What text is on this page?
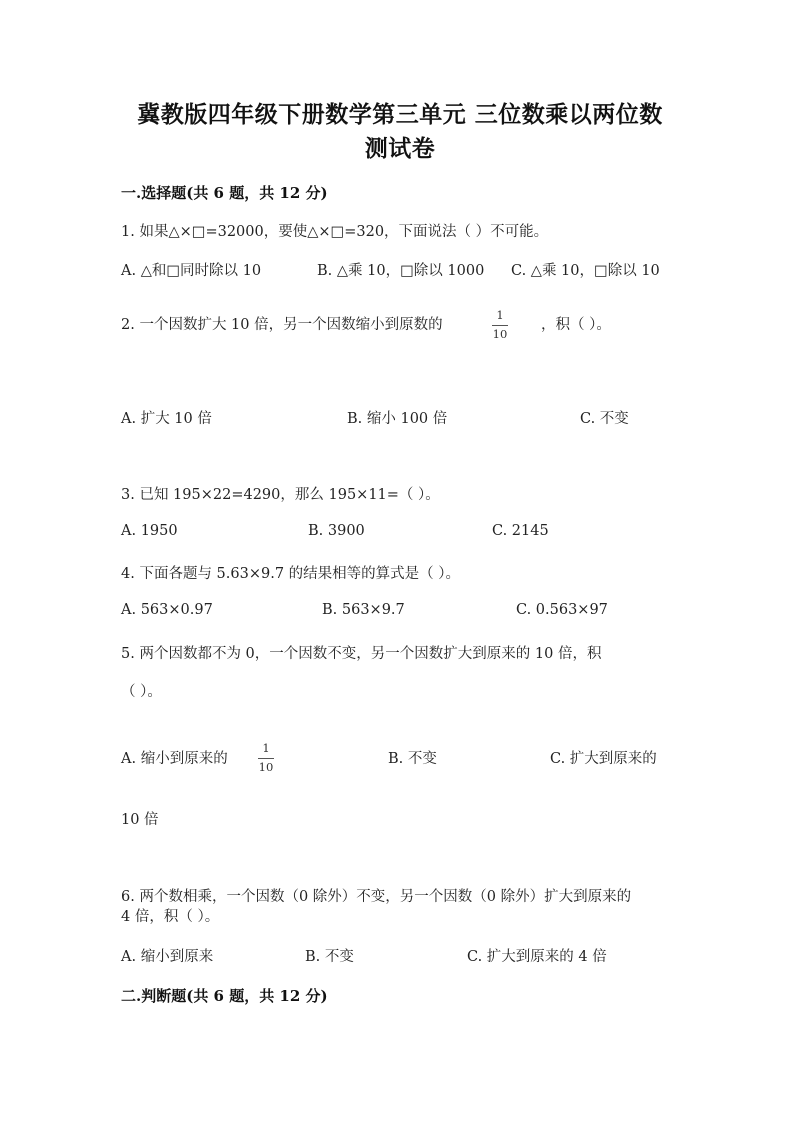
冀教版四年级下册数学第三单元 三位数乘以两位数
测试卷
一.选择题(共 6 题，共 12 分)
1. 如果△×□=32000，要使△×□=320，下面说法（ ）不可能。
A. △和□同时除以 10	B. △乘 10，□除以 1000 C. △乘 10，□除以 10
2. 一个因数扩大 10 倍，另一个因数缩小到原数的
1
10
，积（ ）。
A. 扩大 10 倍	B. 缩小 100 倍	C. 不变
3. 已知 195×22=4290，那么 195×11=（ ）。
A. 1950	B. 3900	C. 2145
4. 下面各题与 5.63×9.7 的结果相等的算式是（ ）。
A. 563×0.97	B. 563×9.7	C. 0.563×97
5. 两个因数都不为 0，一个因数不变，另一个因数扩大到原来的 10 倍，积
（ ）。
A. 缩小到原来的
1
10	B. 不变	C. 扩大到原来的
10 倍
6. 两个数相乘，一个因数（0 除外）不变，另一个因数（0 除外）扩大到原来的
4 倍，积（ ）。
A. 缩小到原来	B. 不变	C. 扩大到原来的 4 倍
二.判断题(共 6 题，共 12 分)
